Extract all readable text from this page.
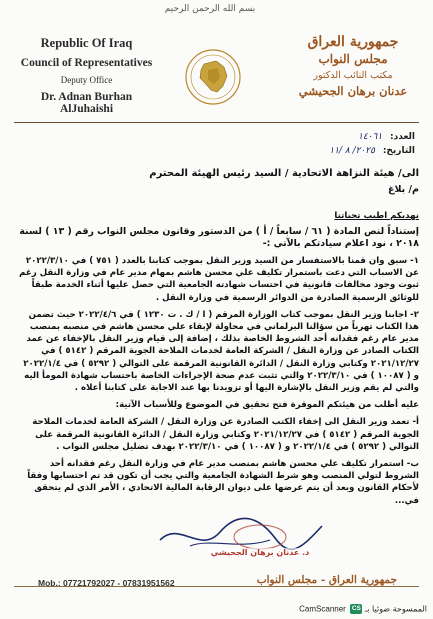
بسم الله الرحمن الرحيم
Republic Of Iraq
Council of Representatives
Deputy Office
Dr. Adnan Burhan AlJuhaishi
جمهورية العراق
مجلس النواب
مكتب النائب الدكتور
عدنان برهان الجحيشي
العدد: ١٤٠٦١
التاريخ: ٢٠٢٥/ ٨ /١١

الى/ هيئة النزاهة الاتحادية / السيد رئيس الهيئة المحترم

م/ بلاغ

نهديكم اطيب تحياتنا

إستناداً لنص المادة ( ٦١ / سابعاً / أ ) من الدستور وقانون مجلس النواب رقم ( ١٣ ) لسنة ٢٠١٨ ، نود اعلام سيادتكم بالآتي :-

١- سبق وان قمنا بالاستفسار من السيد وزير النقل بموجب كتابنا بالعدد ( ٧٥١ ) في ٢٠٢٢/٣/١٠ عن الاسباب التي دعت باستمرار تكليف علي محسن هاشم بمهام مدير عام في وزارة النقل رغم ثبوت وجود مخالفات قانونية في احتساب شهادته الجامعية التي حصل عليها أثناء الخدمة طبقاً للوثائق الرسمية الصادرة من الدوائر الرسمية في وزارة النقل .

٢- اجابنا وزير النقل بموجب كتاب الوزارة المرقم ( ا / ك . ت ١٢٣٠ ) في ٢٠٢٢/٤/٦ حيث تضمن هذا الكتاب تهرباً من سؤالنا البرلماني في محاولة لإبقاء علي محسن هاشم في منصبه بمنصب مدير عام رغم فقدانه أحد الشروط الخاصة بذلك ، إضافة إلى قيام وزير النقل بالإخفاء عن عمد الكتاب الصادر عن وزارة النقل / الشركة العامة لخدمات الملاحة الجوية المرقم ( ٥١٤٢ ) في ٢٠٢١/١٢/٢٧ وكتابي وزارة النقل / الدائرة القانونية المرقمة على التوالي ( ٥٢٩٢ ) في ٢٠٢٢/١/٤ و ( ١٠٠٨٧ ) في ٢٠٢٢/٣/١٠ والتي تثبت عدم صحة الإجراءات الخاصة باحتساب شهادة المومأ اليه والتي لم يقم وزير النقل بالإشارة اليها أو تزويدنا بها عند الاجابة على كتابنا أعلاه .

عليه أطلب من هيئتكم الموقرة فتح تحقيق في الموضوع وللأسباب الآتية:

أ- تعمد وزير النقل الى إخفاء الكتب الصادرة عن وزارة النقل / الشركة العامة لخدمات الملاحة الجوية المرقم ( ٥١٤٢ ) في ٢٠٢١/١٢/٢٧ وكتابي وزارة النقل / الدائرة القانونية المرقمة على التوالي ( ٥٢٩٢ ) في ٢٠٢٢/١/٤ و ( ١٠٠٨٧ ) في ٢٠٢٢/٣/١٠ بهدف تضليل مجلس النواب .

ب- استمرار تكليف علي محسن هاشم بمنصب مدير عام في وزارة النقل رغم فقدانه أحد الشروط لتولي المنصب وهو شرط الشهادة الجامعية والتي يجب أن تكون قد تم احتسابها وفقاً لأحكام القانون وبعد أن يتم عرضها على ديوان الرقابة المالية الاتحادي ، الأمر الذي لم يتحقق في...

د. عدنان برهان الجحيشي
Mob.: 07721792027 - 07831951562	جمهورية العراق - مجلس النواب
الممسوحة ضوئيا بـ CS CamScanner
